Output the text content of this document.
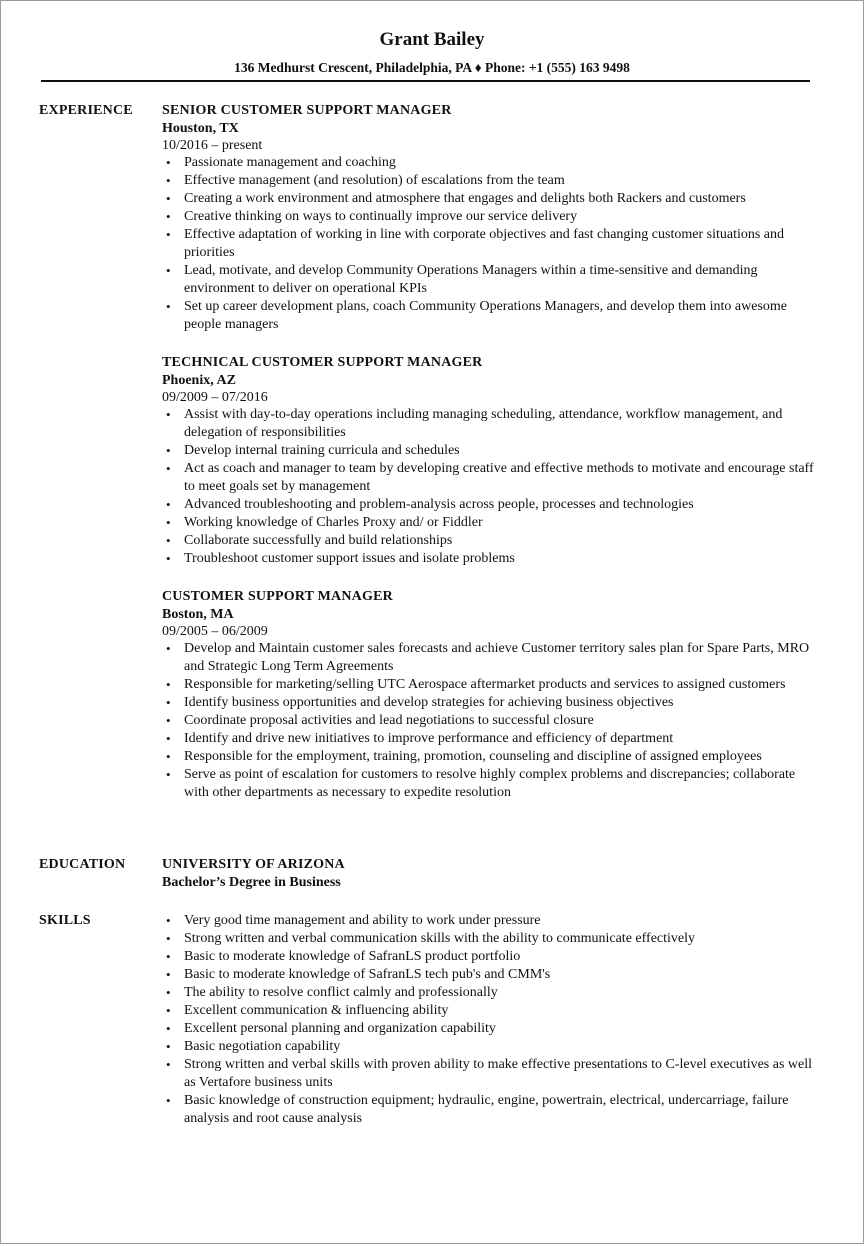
Grant Bailey
136 Medhurst Crescent, Philadelphia, PA ♦ Phone: +1 (555) 163 9498
EXPERIENCE SENIOR CUSTOMER SUPPORT MANAGER
Houston, TX
10/2016 – present
• Passionate management and coaching
• Effective management (and resolution) of escalations from the team
• Creating a work environment and atmosphere that engages and delights both Rackers and customers
• Creative thinking on ways to continually improve our service delivery
• Effective adaptation of working in line with corporate objectives and fast changing customer situations and priorities
• Lead, motivate, and develop Community Operations Managers within a time-sensitive and demanding environment to deliver on operational KPIs
• Set up career development plans, coach Community Operations Managers, and develop them into awesome people managers
TECHNICAL CUSTOMER SUPPORT MANAGER
Phoenix, AZ
09/2009 – 07/2016
• Assist with day-to-day operations including managing scheduling, attendance, workflow management, and delegation of responsibilities
• Develop internal training curricula and schedules
• Act as coach and manager to team by developing creative and effective methods to motivate and encourage staff to meet goals set by management
• Advanced troubleshooting and problem-analysis across people, processes and technologies
• Working knowledge of Charles Proxy and/ or Fiddler
• Collaborate successfully and build relationships
• Troubleshoot customer support issues and isolate problems
CUSTOMER SUPPORT MANAGER
Boston, MA
09/2005 – 06/2009
• Develop and Maintain customer sales forecasts and achieve Customer territory sales plan for Spare Parts, MRO and Strategic Long Term Agreements
• Responsible for marketing/selling UTC Aerospace aftermarket products and services to assigned customers
• Identify business opportunities and develop strategies for achieving business objectives
• Coordinate proposal activities and lead negotiations to successful closure
• Identify and drive new initiatives to improve performance and efficiency of department
• Responsible for the employment, training, promotion, counseling and discipline of assigned employees
• Serve as point of escalation for customers to resolve highly complex problems and discrepancies; collaborate with other departments as necessary to expedite resolution
EDUCATION	UNIVERSITY OF ARIZONA
Bachelor’s Degree in Business
SKILLS
•	Very good time management and ability to work under pressure
• Strong written and verbal communication skills with the ability to communicate effectively
• Basic to moderate knowledge of SafranLS product portfolio
• Basic to moderate knowledge of SafranLS tech pub's and CMM's
• The ability to resolve conflict calmly and professionally
• Excellent communication & influencing ability
• Excellent personal planning and organization capability
• Basic negotiation capability
• Strong written and verbal skills with proven ability to make effective presentations to C-level executives as well as Vertafore business units
• Basic knowledge of construction equipment; hydraulic, engine, powertrain, electrical, undercarriage, failure analysis and root cause analysis
